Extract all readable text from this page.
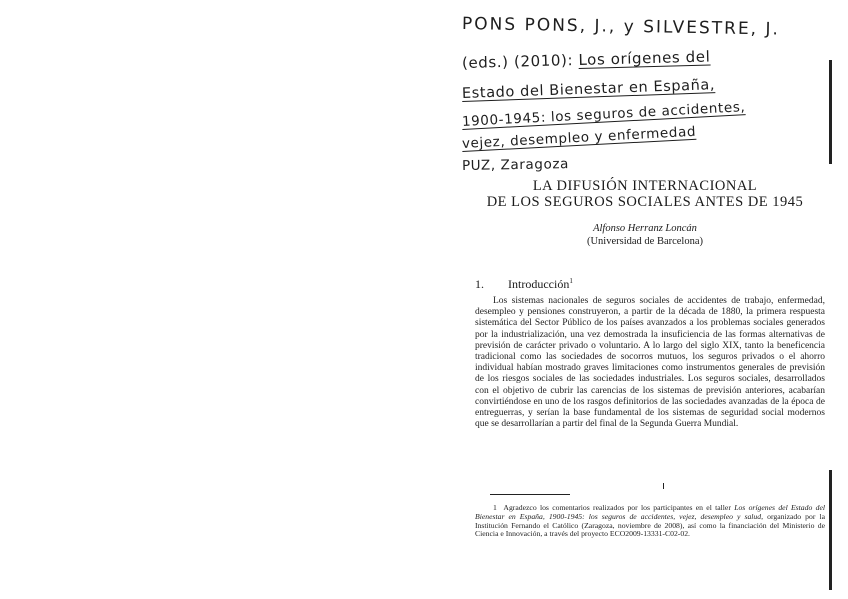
PONS PONS, J., y SILVESTRE, J.
(eds.) (2010): Los orígenes del
Estado del Bienestar en España,
1900-1945: los seguros de accidentes,
vejez, desempleo y enfermedad
PUZ, Zaragoza
LA DIFUSIÓN INTERNACIONAL
DE LOS SEGUROS SOCIALES ANTES DE 1945
Alfonso Herranz Loncán
(Universidad de Barcelona)
1. Introducción$^1$

Los sistemas nacionales de seguros sociales de accidentes de trabajo, enfermedad, desempleo y pensiones construyeron, a partir de la década de 1880, la primera respuesta sistemática del Sector Público de los países avanzados a los problemas sociales generados por la industrialización, una vez demostrada la insuficiencia de las formas alternativas de previsión de carácter privado o voluntario. A lo largo del siglo XIX, tanto la beneficencia tradicional como las sociedades de socorros mutuos, los seguros privados o el ahorro individual habían mostrado graves limitaciones como instrumentos generales de previsión de los riesgos sociales de las sociedades industriales. Los seguros sociales, desarrollados con el objetivo de cubrir las carencias de los sistemas de previsión anteriores, acabarían convirtiéndose en uno de los rasgos definitorios de las sociedades avanzadas de la época de entreguerras, y serían la base fundamental de los sistemas de seguridad social modernos que se desarrollarían a partir del final de la Segunda Guerra Mundial.

1 Agradezco los comentarios realizados por los participantes en el taller Los orígenes del Estado del Bienestar en España, 1900-1945: los seguros de accidentes, vejez, desempleo y salud, organizado por la Institución Fernando el Católico (Zaragoza, noviembre de 2008), así como la financiación del Ministerio de Ciencia e Innovación, a través del proyecto ECO2009-13331-C02-02.
